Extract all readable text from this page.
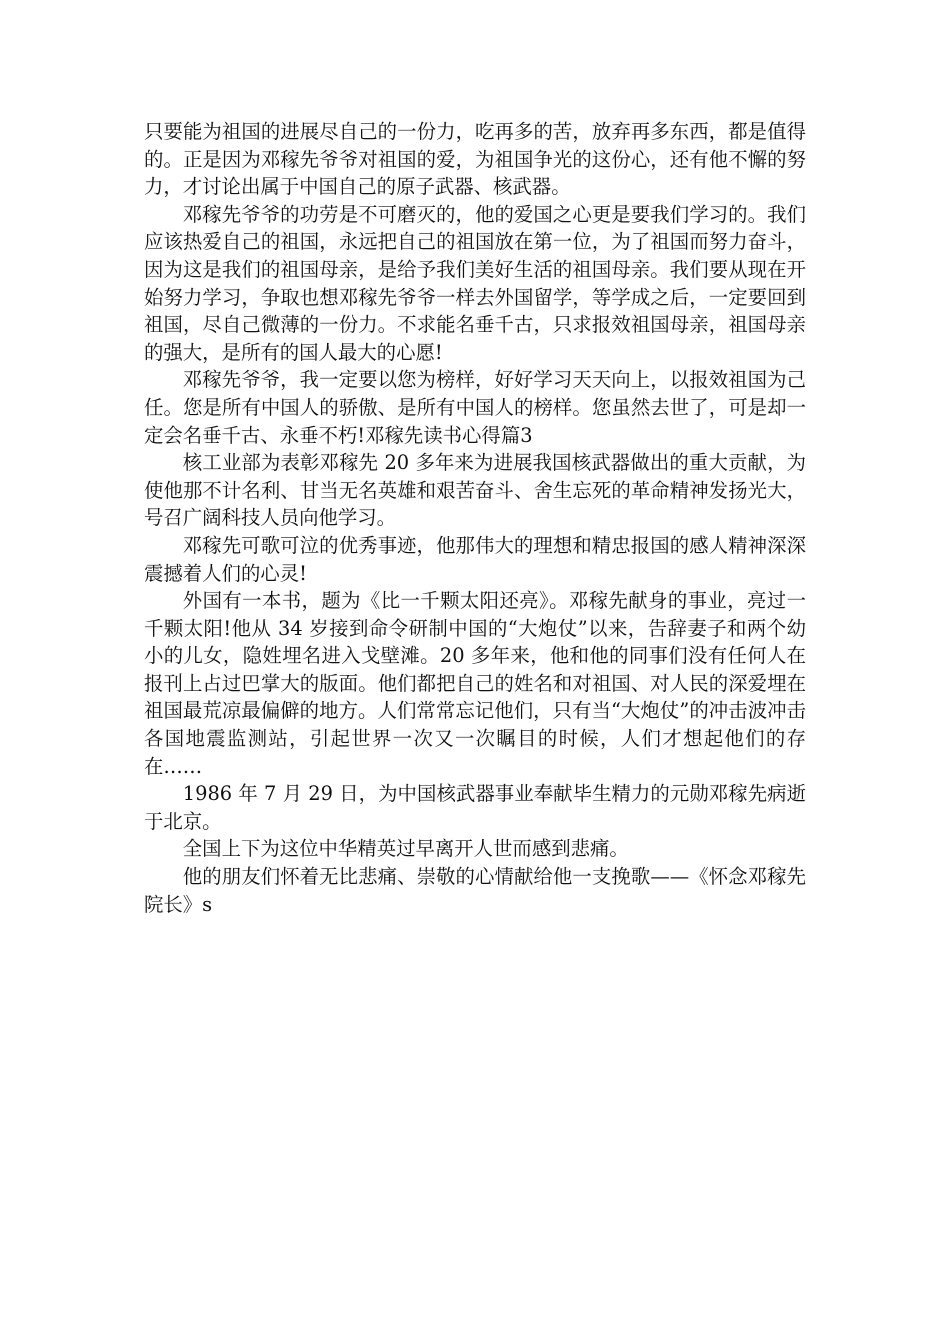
只要能为祖国的进展尽自己的一份力，吃再多的苦，放弃再多东西，都是值得的。正是因为邓稼先爷爷对祖国的爱，为祖国争光的这份心，还有他不懈的努力，才讨论出属于中国自己的原子武器、核武器。

邓稼先爷爷的功劳是不可磨灭的，他的爱国之心更是要我们学习的。我们应该热爱自己的祖国，永远把自己的祖国放在第一位，为了祖国而努力奋斗，因为这是我们的祖国母亲，是给予我们美好生活的祖国母亲。我们要从现在开始努力学习，争取也想邓稼先爷爷一样去外国留学，等学成之后，一定要回到祖国，尽自己微薄的一份力。不求能名垂千古，只求报效祖国母亲，祖国母亲的强大，是所有的国人最大的心愿!

邓稼先爷爷，我一定要以您为榜样，好好学习天天向上，以报效祖国为己任。您是所有中国人的骄傲、是所有中国人的榜样。您虽然去世了，可是却一定会名垂千古、永垂不朽!邓稼先读书心得篇3

核工业部为表彰邓稼先 20 多年来为进展我国核武器做出的重大贡献，为使他那不计名利、甘当无名英雄和艰苦奋斗、舍生忘死的革命精神发扬光大，号召广阔科技人员向他学习。

邓稼先可歌可泣的优秀事迹，他那伟大的理想和精忠报国的感人精神深深震撼着人们的心灵!

外国有一本书，题为《比一千颗太阳还亮》。邓稼先献身的事业，亮过一千颗太阳!他从 34 岁接到命令研制中国的“大炮仗”以来，告辞妻子和两个幼小的儿女，隐姓埋名进入戈壁滩。20 多年来，他和他的同事们没有任何人在报刊上占过巴掌大的版面。他们都把自己的姓名和对祖国、对人民的深爱埋在祖国最荒凉最偏僻的地方。人们常常忘记他们，只有当“大炮仗”的冲击波冲击各国地震监测站，引起世界一次又一次瞩目的时候，人们才想起他们的存在……

1986 年 7 月 29 日，为中国核武器事业奉献毕生精力的元勋邓稼先病逝于北京。

全国上下为这位中华精英过早离开人世而感到悲痛。

他的朋友们怀着无比悲痛、崇敬的心情献给他一支挽歌——《怀念邓稼先院长》s
